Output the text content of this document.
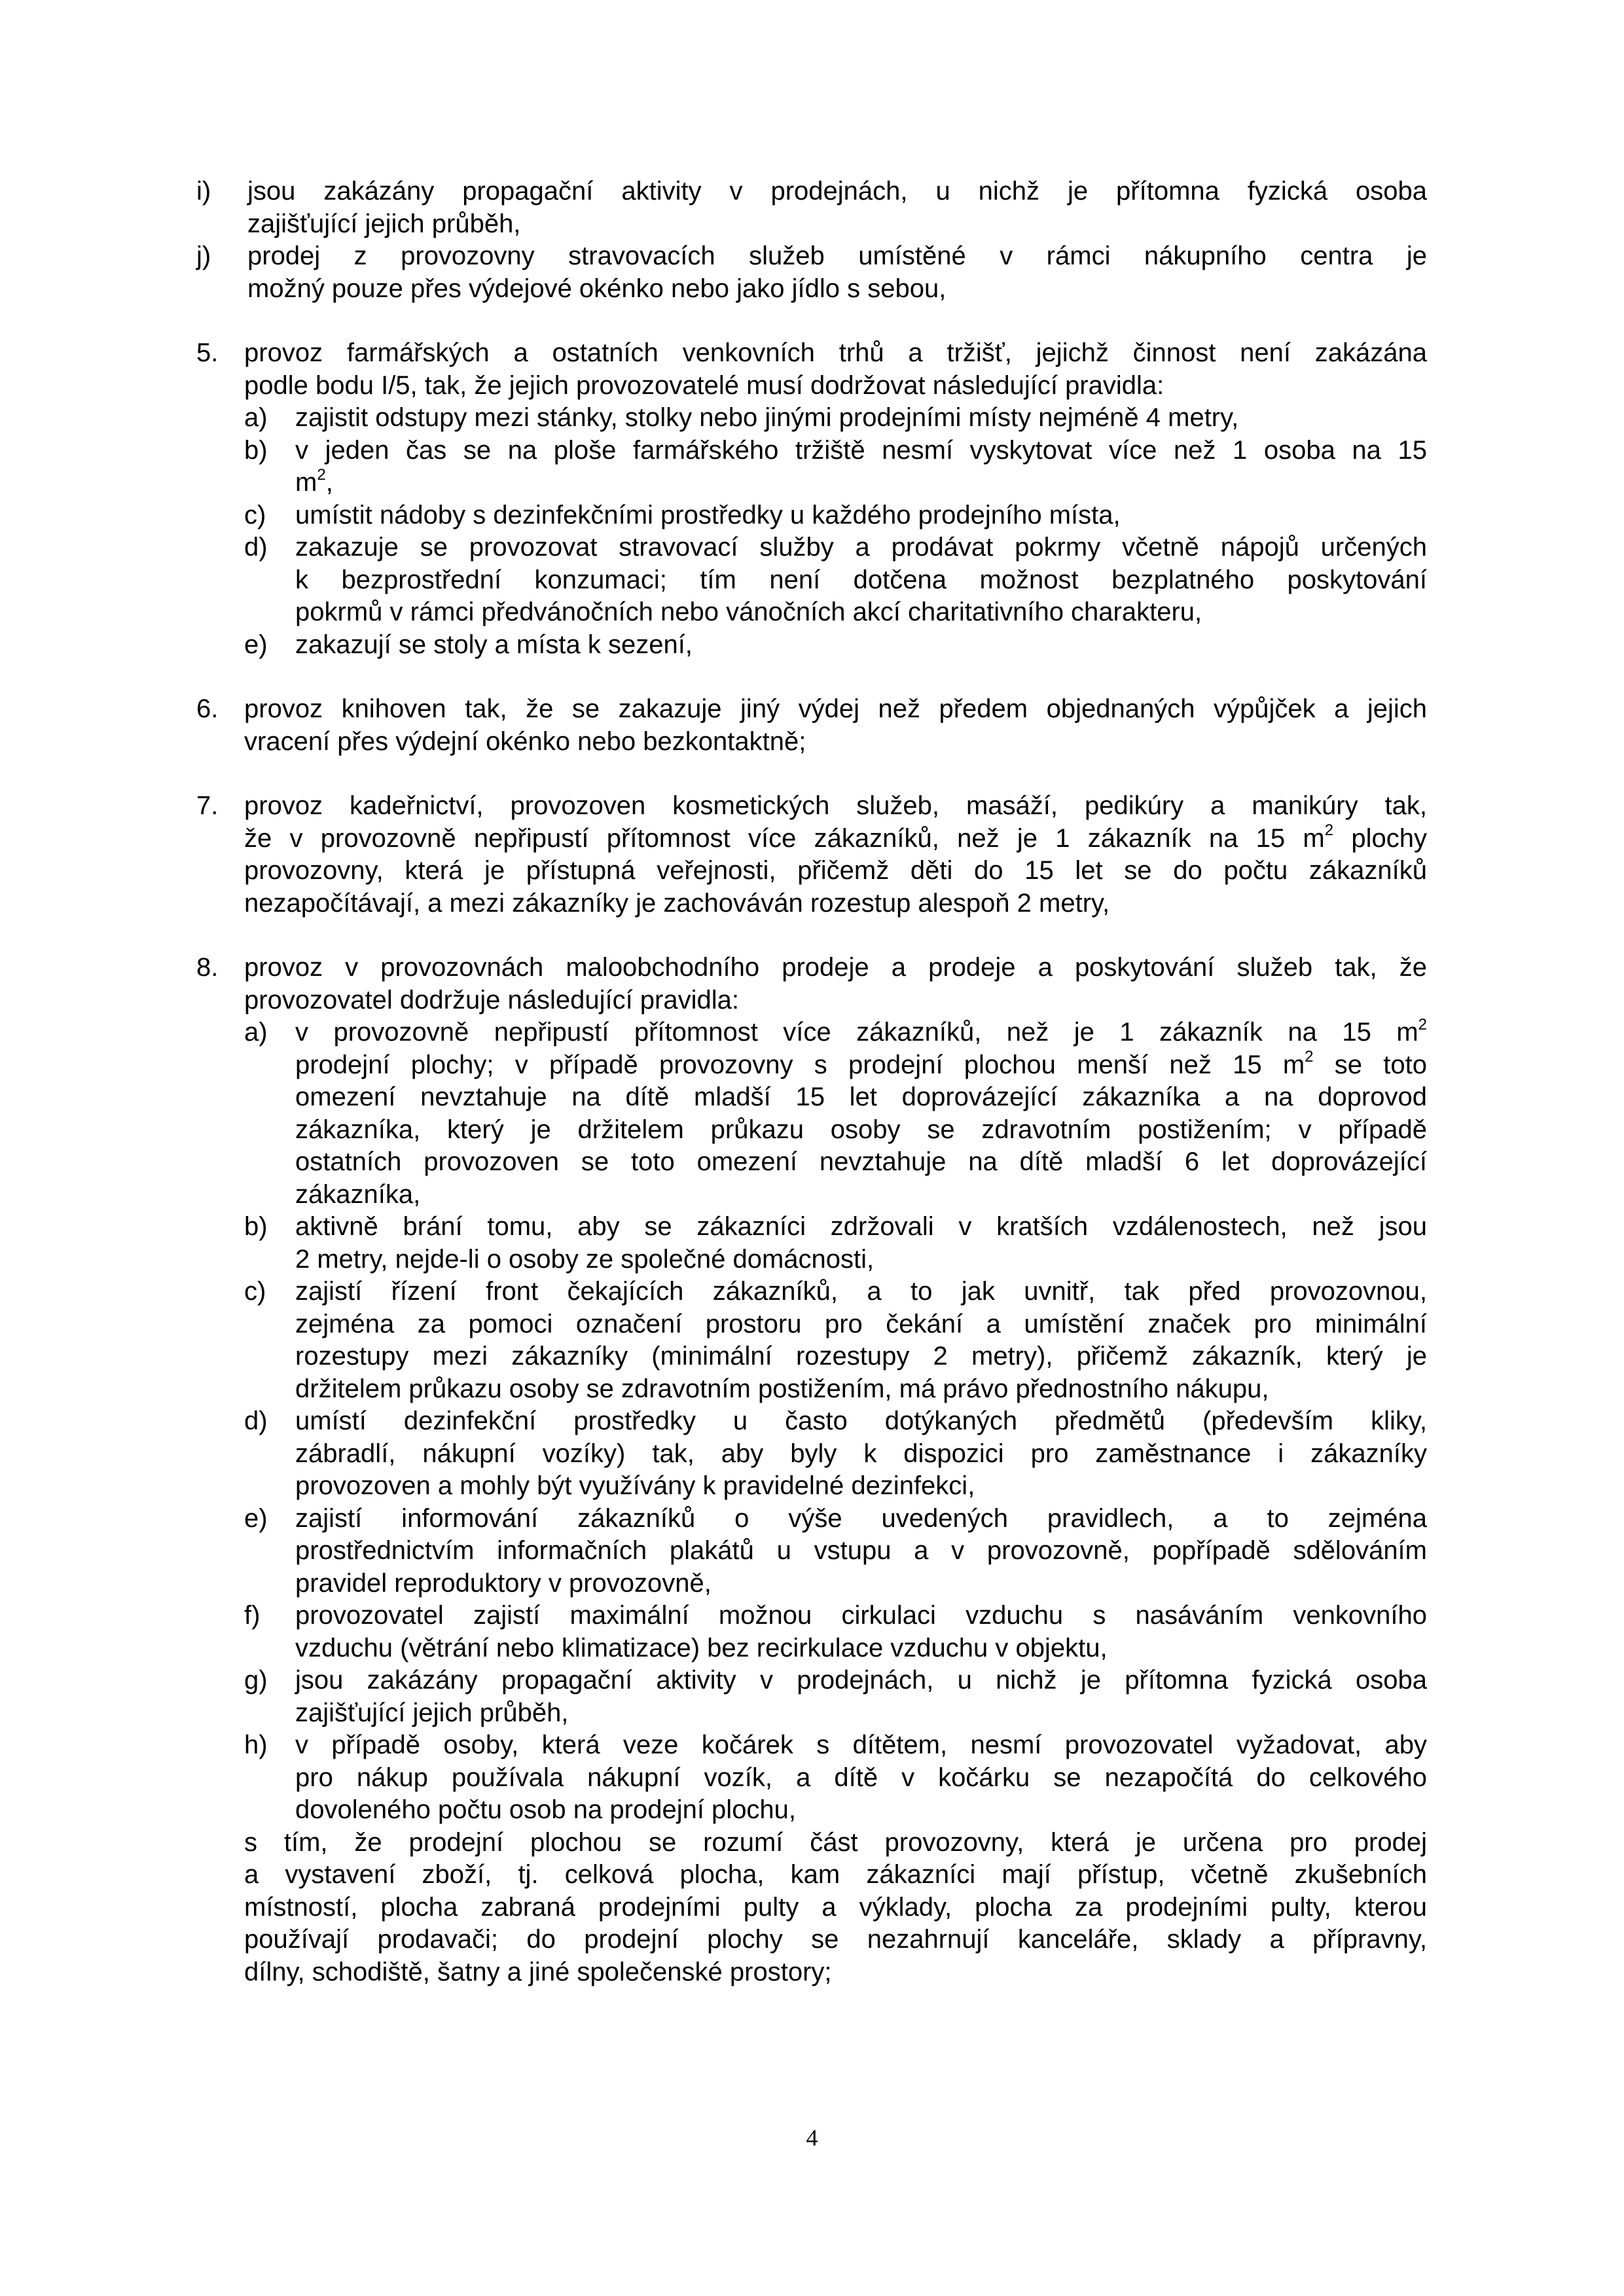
i) jsou zakázány propagační aktivity v prodejnách, u nichž je přítomna fyzická osoba
zajišťující jejich průběh,
j) prodej z provozovny stravovacích služeb umístěné v rámci nákupního centra je
možný pouze přes výdejové okénko nebo jako jídlo s sebou,
5. provoz farmářských a ostatních venkovních trhů a tržišť, jejichž činnost není zakázána
podle bodu I/5, tak, že jejich provozovatelé musí dodržovat následující pravidla:
a) zajistit odstupy mezi stánky, stolky nebo jinými prodejními místy nejméně 4 metry,
b) v jeden čas se na ploše farmářského tržiště nesmí vyskytovat více než 1 osoba na 15
$m^2$,
c) umístit nádoby s dezinfekčními prostředky u každého prodejního místa,
d) zakazuje se provozovat stravovací služby a prodávat pokrmy včetně nápojů určených
k bezprostřední konzumaci; tím není dotčena možnost bezplatného poskytování
pokrmů v rámci předvánočních nebo vánočních akcí charitativního charakteru,
e) zakazují se stoly a místa k sezení,
6. provoz knihoven tak, že se zakazuje jiný výdej než předem objednaných výpůjček a jejich
vracení přes výdejní okénko nebo bezkontaktně;
7. provoz kadeřnictví, provozoven kosmetických služeb, masáží, pedikúry a manikúry tak,
že v provozovně nepřipustí přítomnost více zákazníků, než je 1 zákazník na 15 $m^2$ plochy
provozovny, která je přístupná veřejnosti, přičemž děti do 15 let se do počtu zákazníků
nezapočítávají, a mezi zákazníky je zachováván rozestup alespoň 2 metry,
8. provoz v provozovnách maloobchodního prodeje a prodeje a poskytování služeb tak, že
provozovatel dodržuje následující pravidla:
a) v provozovně nepřipustí přítomnost více zákazníků, než je 1 zákazník na 15 $m^2$
prodejní plochy; v případě provozovny s prodejní plochou menší než 15 $m^2$ se toto
omezení nevztahuje na dítě mladší 15 let doprovázející zákazníka a na doprovod
zákazníka, který je držitelem průkazu osoby se zdravotním postižením; v případě
ostatních provozoven se toto omezení nevztahuje na dítě mladší 6 let doprovázející
zákazníka,
b) aktivně brání tomu, aby se zákazníci zdržovali v kratších vzdálenostech, než jsou
2 metry, nejde-li o osoby ze společné domácnosti,
c) zajistí řízení front čekajících zákazníků, a to jak uvnitř, tak před provozovnou,
zejména za pomoci označení prostoru pro čekání a umístění značek pro minimální
rozestupy mezi zákazníky (minimální rozestupy 2 metry), přičemž zákazník, který je
držitelem průkazu osoby se zdravotním postižením, má právo přednostního nákupu,
d) umístí dezinfekční prostředky u často dotýkaných předmětů (především kliky,
zábradlí, nákupní vozíky) tak, aby byly k dispozici pro zaměstnance i zákazníky
provozoven a mohly být využívány k pravidelné dezinfekci,
e) zajistí informování zákazníků o výše uvedených pravidlech, a to zejména
prostřednictvím informačních plakátů u vstupu a v provozovně, popřípadě sdělováním
pravidel reproduktory v provozovně,
f) provozovatel zajistí maximální možnou cirkulaci vzduchu s nasáváním venkovního
vzduchu (větrání nebo klimatizace) bez recirkulace vzduchu v objektu,
g) jsou zakázány propagační aktivity v prodejnách, u nichž je přítomna fyzická osoba
zajišťující jejich průběh,
h) v případě osoby, která veze kočárek s dítětem, nesmí provozovatel vyžadovat, aby
pro nákup používala nákupní vozík, a dítě v kočárku se nezapočítá do celkového
dovoleného počtu osob na prodejní plochu,
s tím, že prodejní plochou se rozumí část provozovny, která je určena pro prodej
a vystavení zboží, tj. celková plocha, kam zákazníci mají přístup, včetně zkušebních
místností, plocha zabraná prodejními pulty a výklady, plocha za prodejními pulty, kterou
používají prodavači; do prodejní plochy se nezahrnují kanceláře, sklady a přípravny,
dílny, schodiště, šatny a jiné společenské prostory;
4
